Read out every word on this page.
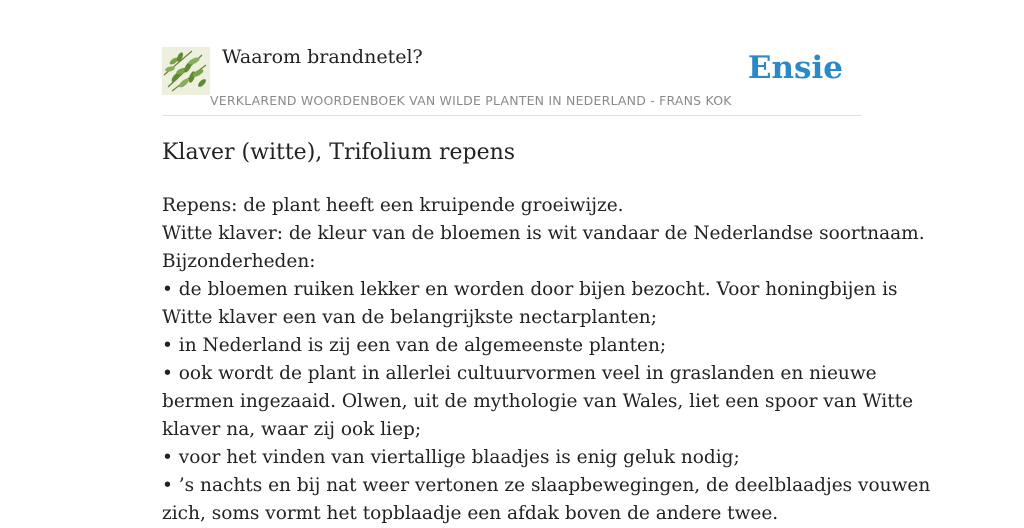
Waarom brandnetel?
VERKLAREND WOORDENBOEK VAN WILDE PLANTEN IN NEDERLAND - FRANS KOK
Ensie
Klaver (witte), Trifolium repens
Repens: de plant heeft een kruipende groeiwijze.
Witte klaver: de kleur van de bloemen is wit vandaar de Nederlandse soortnaam.
Bijzonderheden:
• de bloemen ruiken lekker en worden door bijen bezocht. Voor honingbijen is
Witte klaver een van de belangrijkste nectarplanten;
• in Nederland is zij een van de algemeenste planten;
• ook wordt de plant in allerlei cultuurvormen veel in graslanden en nieuwe
bermen ingezaaid. Olwen, uit de mythologie van Wales, liet een spoor van Witte
klaver na, waar zij ook liep;
• voor het vinden van viertallige blaadjes is enig geluk nodig;
• ’s nachts en bij nat weer vertonen ze slaapbewegingen, de deelblaadjes vouwen
zich, soms vormt het topblaadje een afdak boven de andere twee.
